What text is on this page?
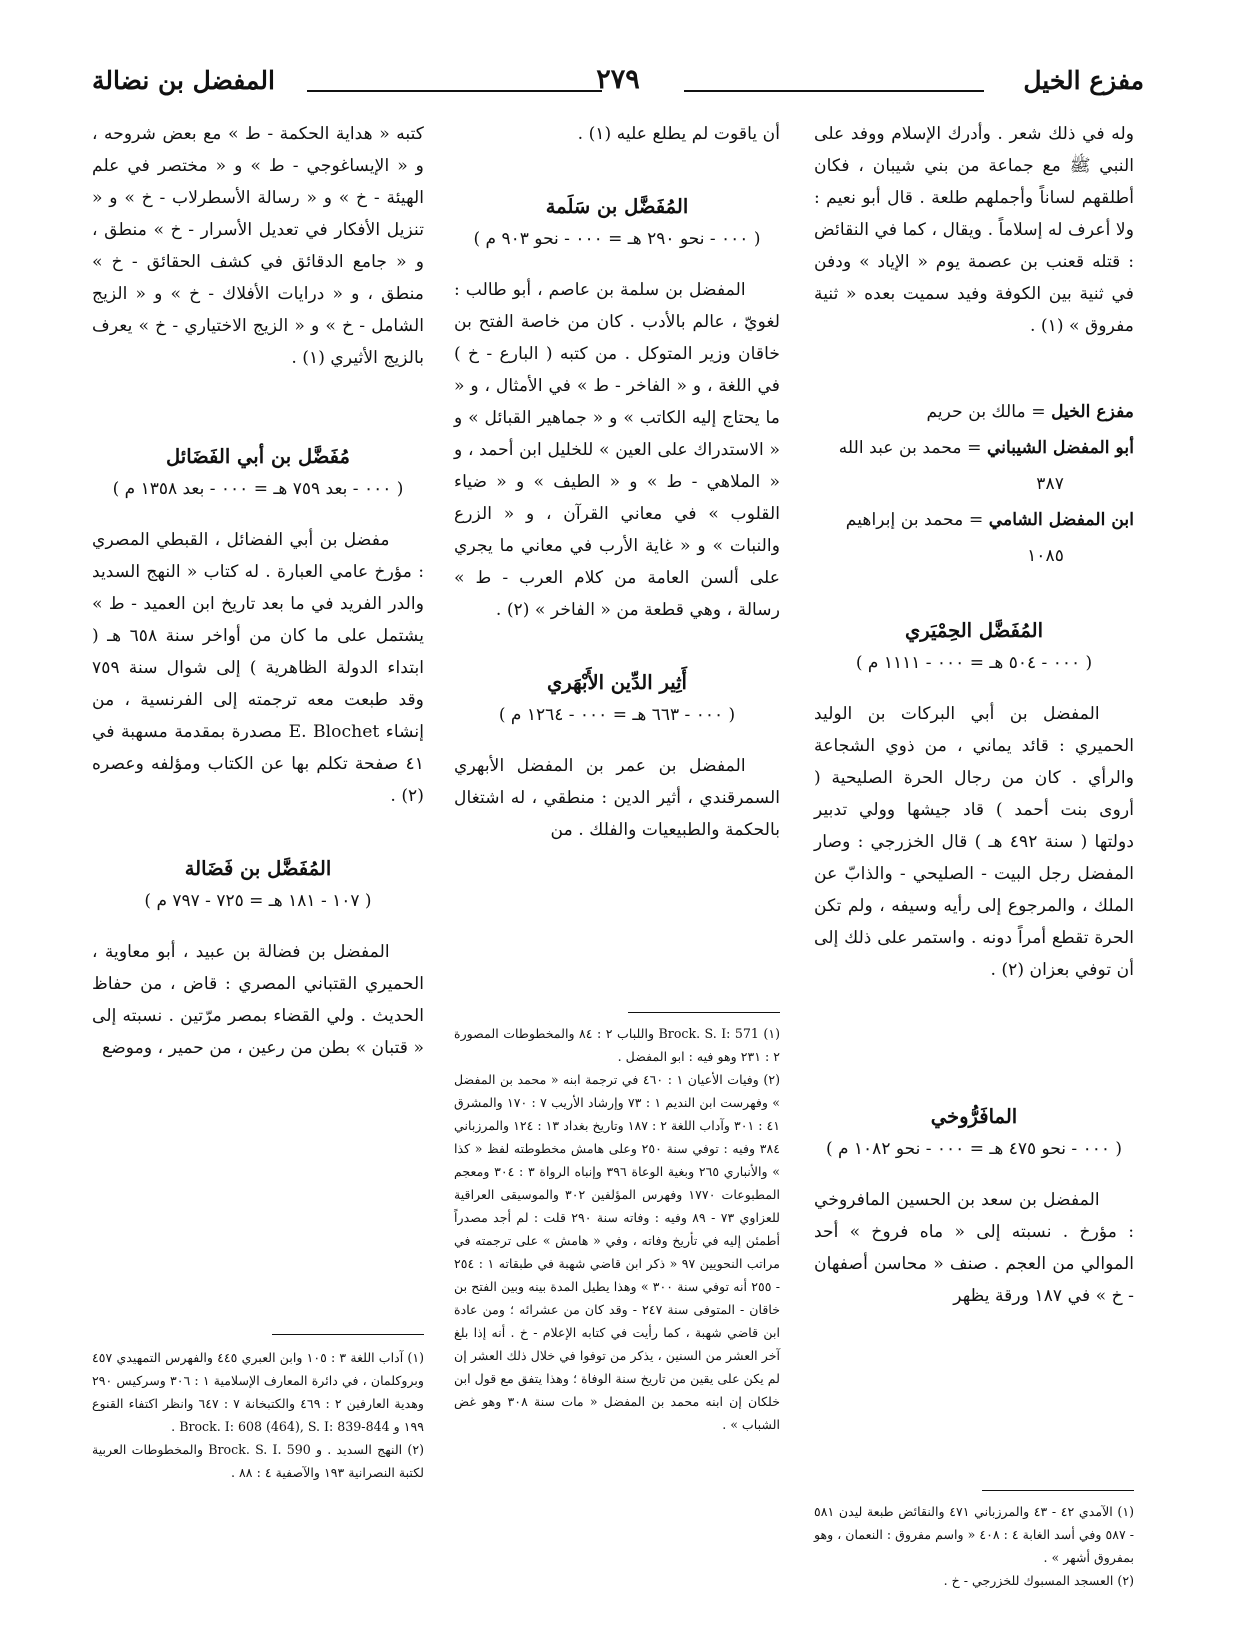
مفزع الخيل
٢٧٩
المفضل بن نضالة

وله في ذلك شعر . وأدرك الإسلام ووفد على النبي ﷺ مع جماعة من بني شيبان ، فكان أطلقهم لساناً وأجملهم طلعة . قال أبو نعيم : ولا أعرف له إسلاماً . ويقال ، كما في النقائض : قتله قعنب بن عصمة يوم « الإياد » ودفن في ثنية بين الكوفة وفيد سميت بعده « ثنية مفروق » (١) .

مفزع الخيل = مالك بن حريم

أبو المفضل الشيباني = محمد بن عبد الله
٣٨٧

ابن المفضل الشامي = محمد بن إبراهيم
١٠٨٥

المُفَضَّل الحِمْيَري
( ٠٠٠ - ٥٠٤ هـ = ٠٠٠ - ١١١١ م )

المفضل بن أبي البركات بن الوليد الحميري : قائد يماني ، من ذوي الشجاعة والرأي . كان من رجال الحرة الصليحية ( أروى بنت أحمد ) قاد جيشها وولي تدبير دولتها ( سنة ٤٩٢ هـ ) قال الخزرجي : وصار المفضل رجل البيت - الصليحي - والذابّ عن الملك ، والمرجوع إلى رأيه وسيفه ، ولم تكن الحرة تقطع أمراً دونه . واستمر على ذلك إلى أن توفي بعزان (٢) .

المافَرُّوخي
( ٠٠٠ - نحو ٤٧٥ هـ = ٠٠٠ - نحو ١٠٨٢ م )

المفضل بن سعد بن الحسين المافروخي : مؤرخ . نسبته إلى « ماه فروخ » أحد الموالي من العجم . صنف « محاسن أصفهان - خ » في ١٨٧ ورقة يظهر

أن ياقوت لم يطلع عليه (١) .

المُفَضَّل بن سَلَمة
( ٠٠٠ - نحو ٢٩٠ هـ = ٠٠٠ - نحو ٩٠٣ م )

المفضل بن سلمة بن عاصم ، أبو طالب : لغويّ ، عالم بالأدب . كان من خاصة الفتح بن خاقان وزير المتوكل . من كتبه ( البارع - خ ) في اللغة ، و « الفاخر - ط » في الأمثال ، و « ما يحتاج إليه الكاتب » و « جماهير القبائل » و « الاستدراك على العين » للخليل ابن أحمد ، و « الملاهي - ط » و « الطيف » و « ضياء القلوب » في معاني القرآن ، و « الزرع والنبات » و « غاية الأرب في معاني ما يجري على ألسن العامة من كلام العرب - ط » رسالة ، وهي قطعة من « الفاخر » (٢) .

أَثِير الدِّين الأَبْهَري
( ٠٠٠ - ٦٦٣ هـ = ٠٠٠ - ١٢٦٤ م )

المفضل بن عمر بن المفضل الأبهري السمرقندي ، أثير الدين : منطقي ، له اشتغال بالحكمة والطبيعيات والفلك . من

كتبه « هداية الحكمة - ط » مع بعض شروحه ، و « الإيساغوجي - ط » و « مختصر في علم الهيئة - خ » و « رسالة الأسطرلاب - خ » و « تنزيل الأفكار في تعديل الأسرار - خ » منطق ، و « جامع الدقائق في كشف الحقائق - خ » منطق ، و « درايات الأفلاك - خ » و « الزيج الشامل - خ » و « الزيج الاختياري - خ » يعرف بالزيج الأثيري (١) .

مُفَضَّل بن أبي الفَضَائل
( ٠٠٠ - بعد ٧٥٩ هـ = ٠٠٠ - بعد ١٣٥٨ م )

مفضل بن أبي الفضائل ، القبطي المصري : مؤرخ عامي العبارة . له كتاب « النهج السديد والدر الفريد في ما بعد تاريخ ابن العميد - ط » يشتمل على ما كان من أواخر سنة ٦٥٨ هـ ( ابتداء الدولة الظاهرية ) إلى شوال سنة ٧٥٩ وقد طبعت معه ترجمته إلى الفرنسية ، من إنشاء E. Blochet مصدرة بمقدمة مسهبة في ٤١ صفحة تكلم بها عن الكتاب ومؤلفه وعصره (٢) .

المُفَضَّل بن فَضَالة
( ١٠٧ - ١٨١ هـ = ٧٢٥ - ٧٩٧ م )

المفضل بن فضالة بن عبيد ، أبو معاوية ، الحميري القتباني المصري : قاض ، من حفاظ الحديث . ولي القضاء بمصر مرّتين . نسبته إلى « قتبان » بطن من رعين ، من حمير ، وموضع

(١) الآمدي ٤٢ - ٤٣ والمرزباني ٤٧١ والنقائض طبعة ليدن ٥٨١ - ٥٨٧ وفي أسد الغابة ٤ : ٤٠٨ « واسم مفروق : النعمان ، وهو بمفروق أشهر » .

(٢) العسجد المسبوك للخزرجي - خ .

(١) Brock. S. I: 571 واللباب ٢ : ٨٤ والمخطوطات المصورة ٢ : ٢٣١ وهو فيه : ابو المفضل .

(٢) وفيات الأعيان ١ : ٤٦٠ في ترجمة ابنه « محمد بن المفضل » وفهرست ابن النديم ١ : ٧٣ وإرشاد الأريب ٧ : ١٧٠ والمشرق ٤١ : ٣٠١ وآداب اللغة ٢ : ١٨٧ وتاريخ بغداد ١٣ : ١٢٤ والمرزباني ٣٨٤ وفيه : توفي سنة ٢٥٠ وعلى هامش مخطوطته لفظ « كذا » والأنباري ٢٦٥ وبغية الوعاة ٣٩٦ وإنباه الرواة ٣ : ٣٠٤ ومعجم المطبوعات ١٧٧٠ وفهرس المؤلفين ٣٠٢ والموسيقى العراقية للعزاوي ٧٣ - ٨٩ وفيه : وفاته سنة ٢٩٠ قلت : لم أجد مصدراً أطمئن إليه في تأريخ وفاته ، وفي « هامش » على ترجمته في مراتب النحويين ٩٧ « ذكر ابن قاضي شهبة في طبقاته ١ : ٢٥٤ - ٢٥٥ أنه توفي سنة ٣٠٠ » وهذا يطيل المدة بينه وبين الفتح بن خاقان - المتوفى سنة ٢٤٧ - وقد كان من عشرائه ؛ ومن عادة ابن قاضي شهبة ، كما رأيت في كتابه الإعلام - خ . أنه إذا بلغ آخر العشر من السنين ، يذكر من توفوا في خلال ذلك العشر إن لم يكن على يقين من تاريخ سنة الوفاة ؛ وهذا يتفق مع قول ابن خلكان إن ابنه محمد بن المفضل « مات سنة ٣٠٨ وهو غض الشباب » .

(١) آداب اللغة ٣ : ١٠٥ وابن العبري ٤٤٥ والفهرس التمهيدي ٤٥٧ وبروكلمان ، في دائرة المعارف الإسلامية ١ : ٣٠٦ وسركيس ٢٩٠ وهدية العارفين ٢ : ٤٦٩ والكتبخانة ٧ : ٦٤٧ وانظر اكتفاء القنوع ١٩٩ و Brock. I: 608 (464), S. I: 839-844 .

(٢) النهج السديد . و Brock. S. I. 590 والمخطوطات العربية لكتبة النصرانية ١٩٣ والآصفية ٤ : ٨٨ .
